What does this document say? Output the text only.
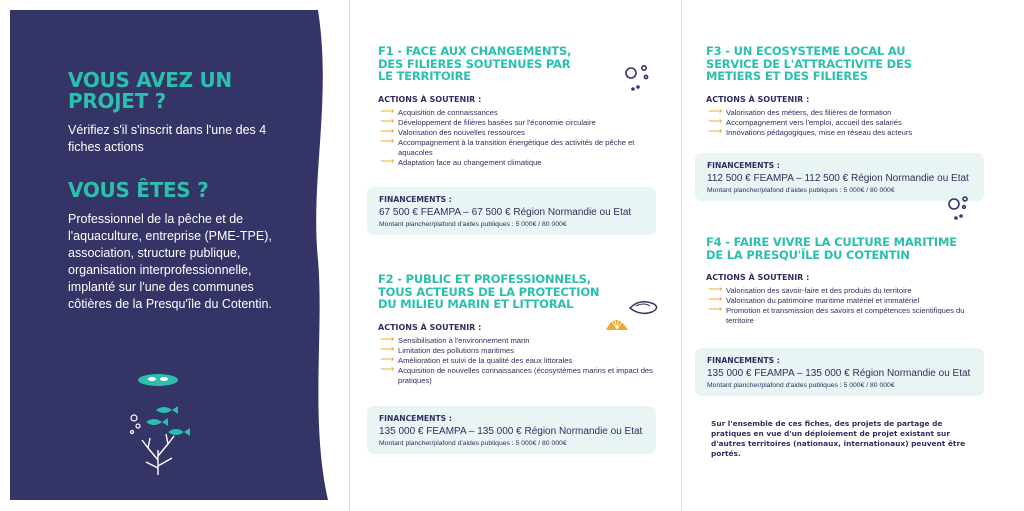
VOUS AVEZ UN PROJET ?
Vérifiez s'il s'inscrit dans l'une des 4 fiches actions
VOUS ÊTES ?
Professionnel de la pêche et de l'aquaculture, entreprise (PME-TPE), association, structure publique, organisation interprofessionnelle, implanté sur l'une des communes côtières de la Presqu'île du Cotentin.
F1 - FACE AUX CHANGEMENTS, DES FILIERES SOUTENUES PAR LE TERRITOIRE
ACTIONS À SOUTENIR :
⟶ Acquisition de connaissances
⟶ Développement de filières basées sur l'économie circulaire
⟶ Valorisation des nouvelles ressources
⟶ Accompagnement à la transition énergétique des activités de pêche et aquacoles
⟶ Adaptation face au changement climatique
FINANCEMENTS :
67 500 € FEAMPA – 67 500 € Région Normandie ou Etat
Montant plancher/plafond d'aides publiques : 5 000€ / 80 000€
F2 - PUBLIC ET PROFESSIONNELS, TOUS ACTEURS DE LA PROTECTION DU MILIEU MARIN ET LITTORAL
ACTIONS À SOUTENIR :
⟶ Sensibilisation à l'environnement marin
⟶ Limitation des pollutions maritimes
⟶ Amélioration et suivi de la qualité des eaux littorales
⟶ Acquisition de nouvelles connaissances (écosystèmes marins et impact des pratiques)
FINANCEMENTS :
135 000 € FEAMPA – 135 000 € Région Normandie ou Etat
Montant plancher/plafond d'aides publiques : 5 000€ / 80 000€
F3 - UN ECOSYSTEME LOCAL AU SERVICE DE L'ATTRACTIVITE DES METIERS ET DES FILIERES
ACTIONS À SOUTENIR :
⟶ Valorisation des métiers, des filières de formation
⟶ Accompagnement vers l'emploi, accueil des salariés
⟶ Innovations pédagogiques, mise en réseau des acteurs
FINANCEMENTS :
112 500 € FEAMPA – 112 500 € Région Normandie ou Etat
Montant plancher/plafond d'aides publiques : 5 000€ / 80 000€
F4 - FAIRE VIVRE LA CULTURE MARITIME DE LA PRESQU'ÎLE DU COTENTIN
ACTIONS À SOUTENIR :
⟶ Valorisation des savoir-faire et des produits du territoire
⟶ Valorisation du patrimoine maritime matériel et immatériel
⟶ Promotion et transmission des savoirs et compétences scientifiques du territoire
FINANCEMENTS :
135 000 € FEAMPA – 135 000 € Région Normandie ou Etat
Montant plancher/plafond d'aides publiques : 5 000€ / 80 000€
Sur l'ensemble de ces fiches, des projets de partage de pratiques en vue d'un déploiement de projet existant sur d'autres territoires (nationaux, internationaux) peuvent être portés.
